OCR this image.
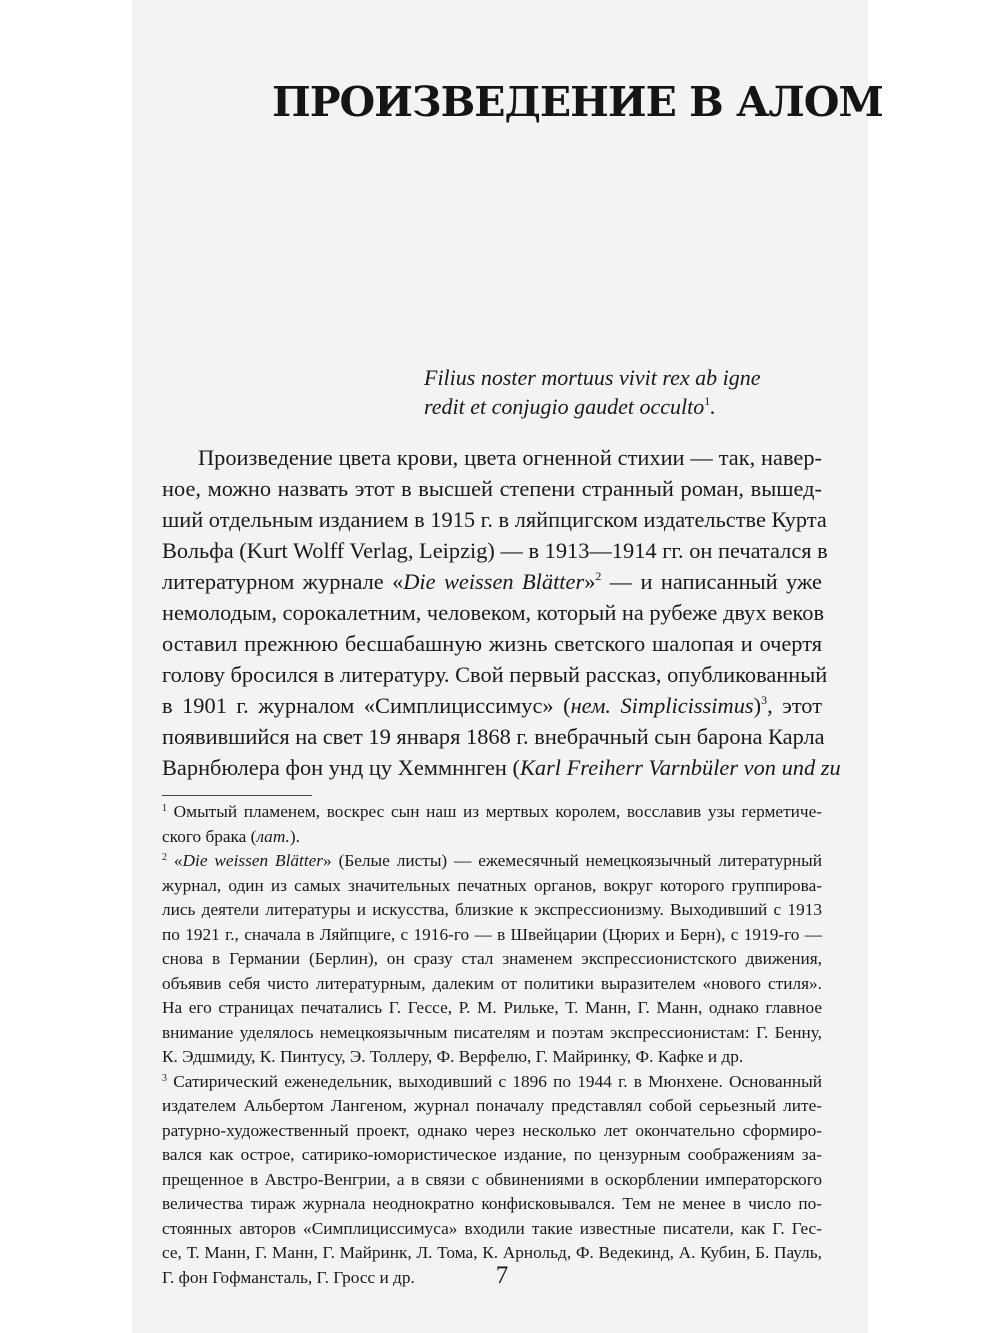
ПРОИЗВЕДЕНИЕ В АЛОМ
Filius noster mortuus vivit rex ab igne
redit et conjugio gaudet occulto$^1$.
Произведение цвета крови, цвета огненной стихии — так, навер-
ное, можно назвать этот в высшей степени странный роман, вышед-
ший отдельным изданием в 1915 г. в ляйпцигском издательстве Курта
Вольфа (Kurt Wolff Verlag, Leipzig) — в 1913—1914 гг. он печатался в
литературном журнале «Die weissen Blätter»$^2$ — и написанный уже
немолодым, сорокалетним, человеком, который на рубеже двух веков
оставил прежнюю бесшабашную жизнь светского шалопая и очертя
голову бросился в литературу. Свой первый рассказ, опубликованный
в 1901 г. журналом «Симплициссимус» (нем. Simplicissimus)$^3$, этот
появившийся на свет 19 января 1868 г. внебрачный сын барона Карла
Варнбюлера фон унд цу Хеммннген (Karl Freiherr Varnbüler von und zu
$^1$ Омытый пламенем, воскрес сын наш из мертвых королем, восславив узы герметиче-
ского брака (лат.).
$^2$ «Die weissen Blätter» (Белые листы) — ежемесячный немецкоязычный литературный
журнал, один из самых значительных печатных органов, вокруг которого группирова-
лись деятели литературы и искусства, близкие к экспрессионизму. Выходивший с 1913
по 1921 г., сначала в Ляйпциге, с 1916-го — в Швейцарии (Цюрих и Берн), с 1919-го —
снова в Германии (Берлин), он сразу стал знаменем экспрессионистского движения,
объявив себя чисто литературным, далеким от политики выразителем «нового стиля».
На его страницах печатались Г. Гессе, Р. М. Рильке, Т. Манн, Г. Манн, однако главное
внимание уделялось немецкоязычным писателям и поэтам экспрессионистам: Г. Бенну,
К. Эдшмиду, К. Пинтусу, Э. Толлеру, Ф. Верфелю, Г. Майринку, Ф. Кафке и др.
$^3$ Сатирический еженедельник, выходивший с 1896 по 1944 г. в Мюнхене. Основанный
издателем Альбертом Лангеном, журнал поначалу представлял собой серьезный лите-
ратурно-художественный проект, однако через несколько лет окончательно сформиро-
вался как острое, сатирико-юмористическое издание, по цензурным соображениям за-
прещенное в Австро-Венгрии, а в связи с обвинениями в оскорблении императорского
величества тираж журнала неоднократно конфисковывался. Тем не менее в число по-
стоянных авторов «Симплициссимуса» входили такие известные писатели, как Г. Гес-
се, Т. Манн, Г. Манн, Г. Майринк, Л. Тома, К. Арнольд, Ф. Ведекинд, А. Кубин, Б. Пауль,
Г. фон Гофмансталь, Г. Гросс и др.	7
